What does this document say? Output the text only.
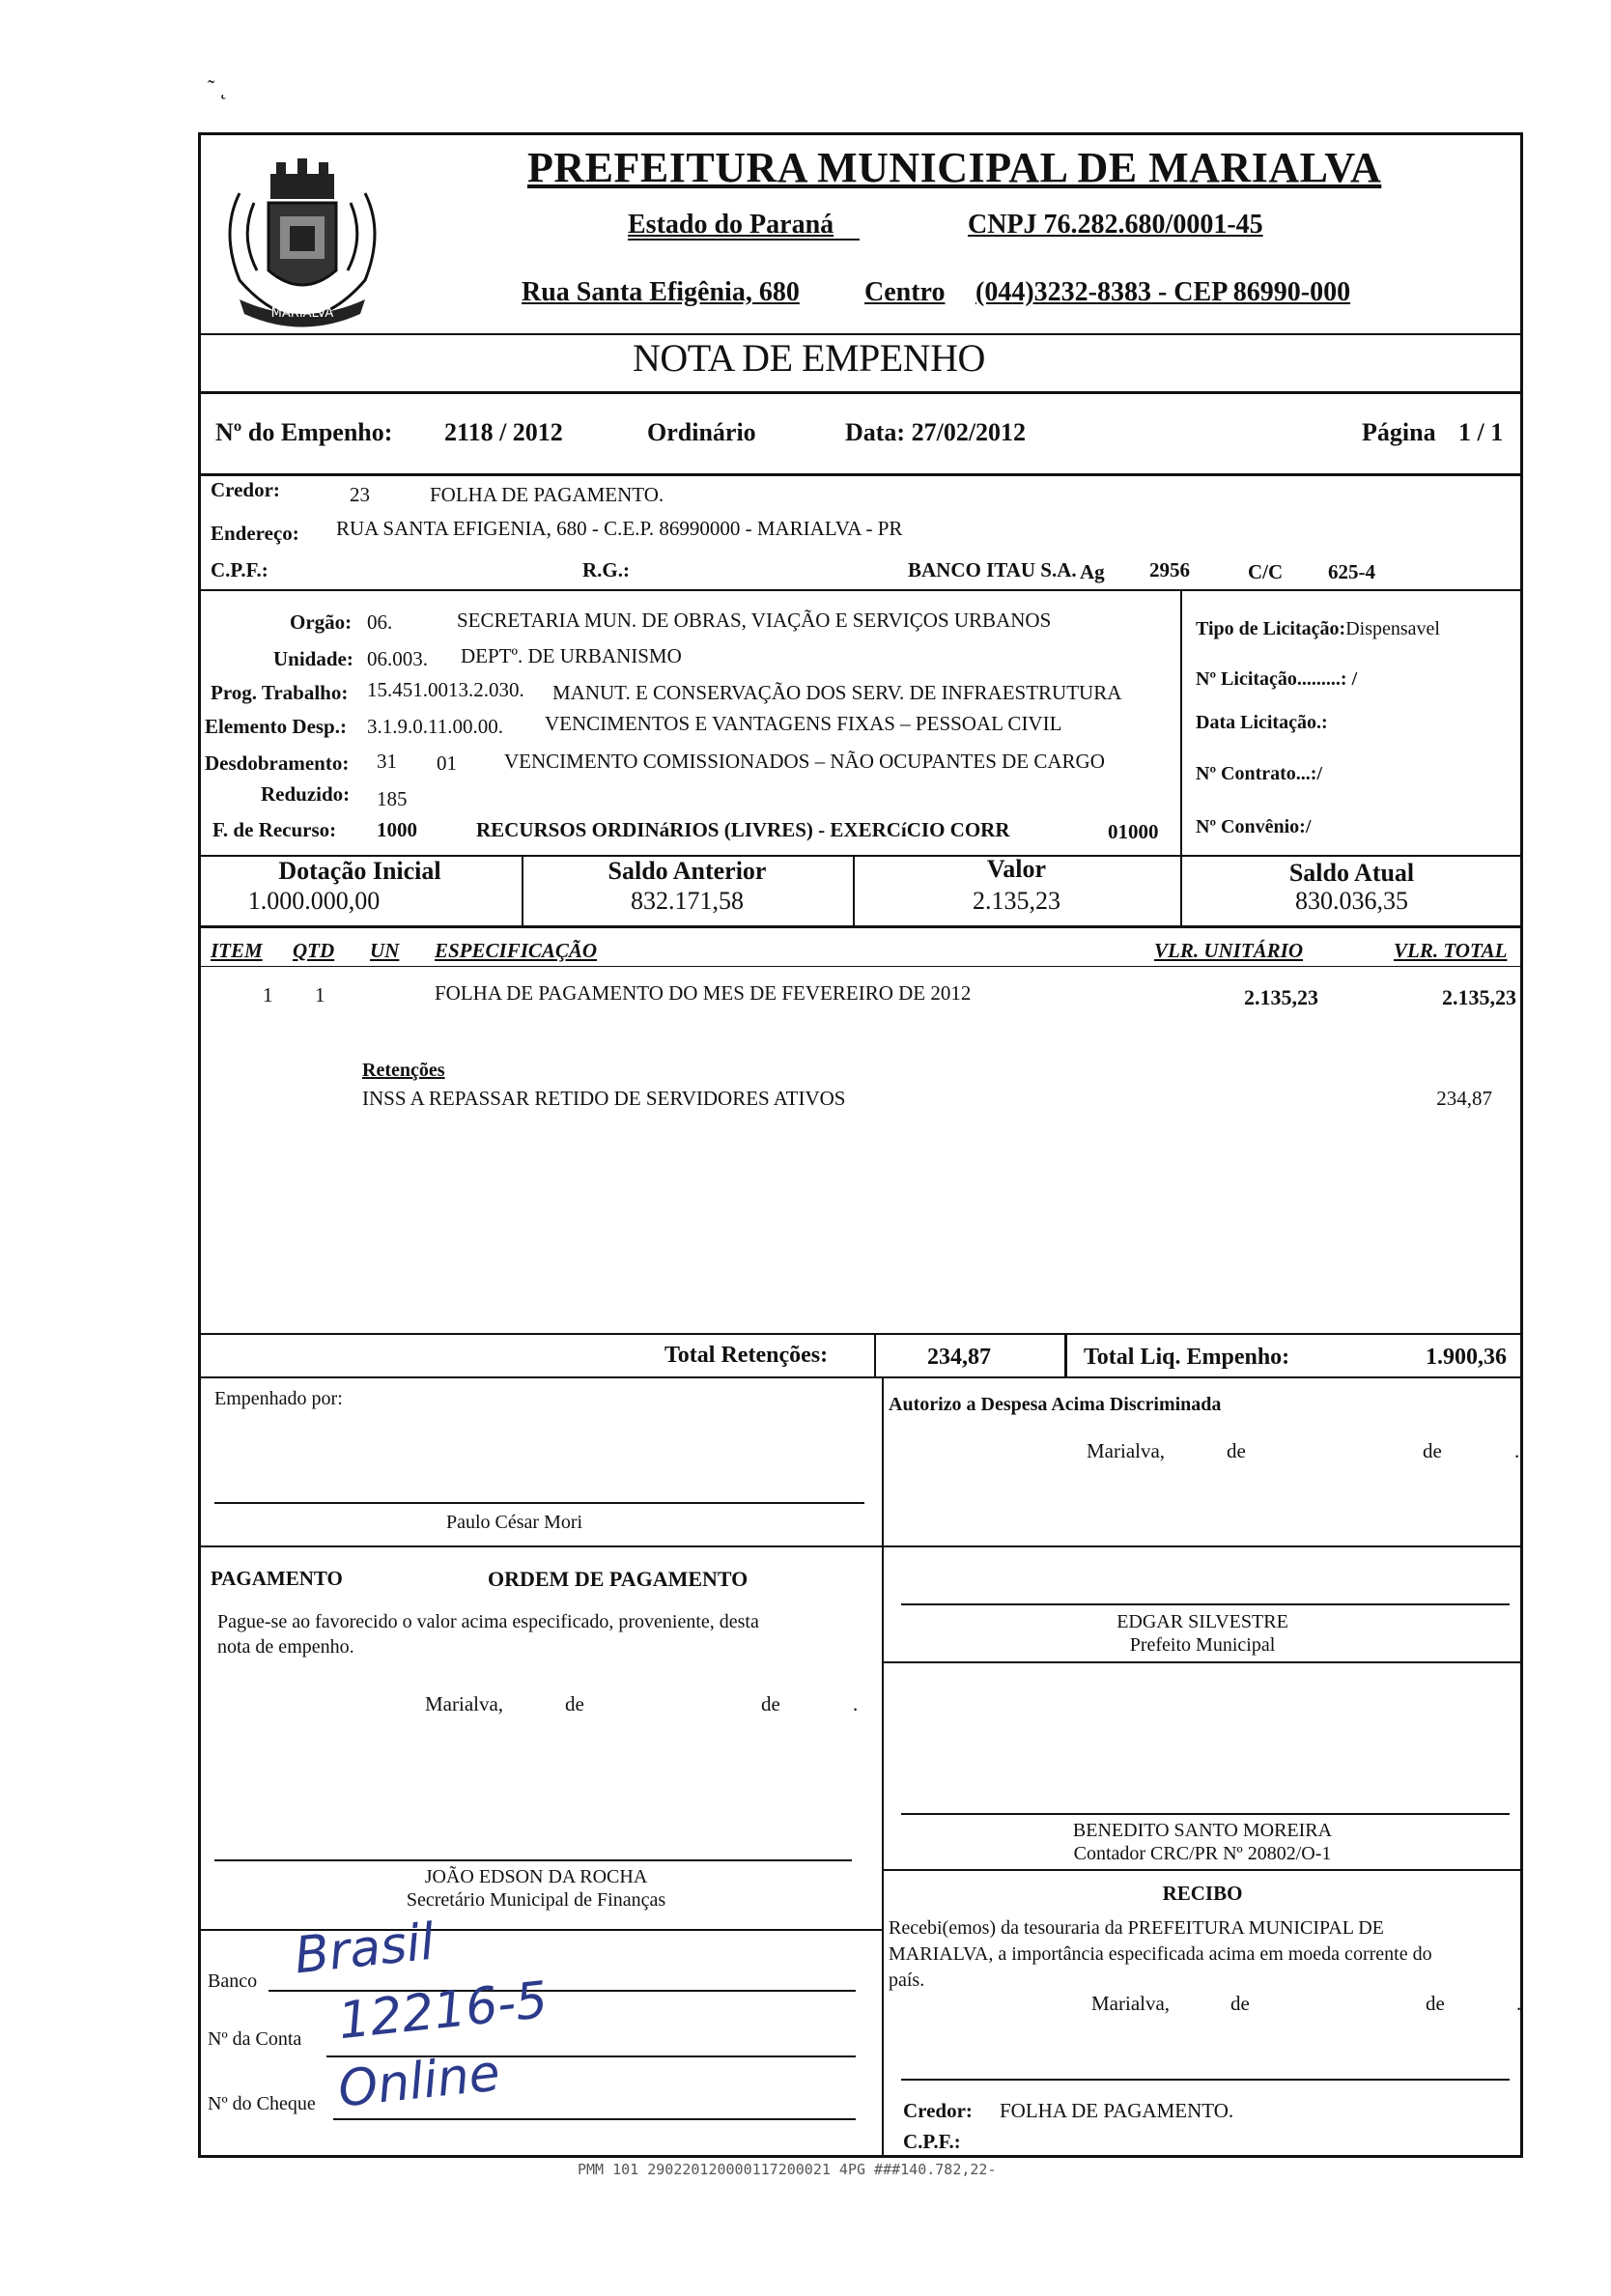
˜ ˛
MARIALVA
PREFEITURA MUNICIPAL DE MARIALVA
Estado do Paraná	CNPJ 76.282.680/0001-45
Rua Santa Efigênia, 680 Centro (044)3232-8383 - CEP 86990-000
NOTA DE EMPENHO
Nº do Empenho: 2118 / 2012	Ordinário	Data: 27/02/2012	Página 1 / 1
Credor:	23	FOLHA DE PAGAMENTO.
Endereço: RUA SANTA EFIGENIA, 680 - C.E.P. 86990000 - MARIALVA - PR
C.P.F.:	R.G.:	BANCO ITAU S.A. Ag 2956	C/C 625-4
Orgão: 06.	SECRETARIA MUN. DE OBRAS, VIAÇÃO E SERVIÇOS URBANOS
Unidade: 06.003. DEPTº. DE URBANISMO
Prog. Trabalho: 15.451.0013.2.030. MANUT. E CONSERVAÇÃO DOS SERV. DE INFRAESTRUTURA
Elemento Desp.: 3.1.9.0.11.00.00. VENCIMENTOS E VANTAGENS FIXAS – PESSOAL CIVIL
Desdobramento: 31 01 VENCIMENTO COMISSIONADOS – NÃO OCUPANTES DE CARGO
Reduzido: 185
F. de Recurso: 1000	RECURSOS ORDINáRIOS (LIVRES) - EXERCíCIO CORR	01000
Tipo de Licitação:Dispensavel
Nº Licitação.........: /
Data Licitação.:
Nº Contrato...:/
Nº Convênio:/
Dotação Inicial
1.000.000,00
Saldo Anterior
832.171,58
Valor
2.135,23
Saldo Atual
830.036,35
ITEM QTD UN ESPECIFICAÇÃO	VLR. UNITÁRIO	VLR. TOTAL
1 1	FOLHA DE PAGAMENTO DO MES DE FEVEREIRO DE 2012	2.135,23	2.135,23
Retenções
INSS A REPASSAR RETIDO DE SERVIDORES ATIVOS	234,87
Total Retenções:	234,87	Total Liq. Empenho:	1.900,36
Empenhado por:
Paulo César Mori
Autorizo a Despesa Acima Discriminada
Marialva,	de	de	.
PAGAMENTO	ORDEM DE PAGAMENTO
Pague-se ao favorecido o valor acima especificado, proveniente, desta
nota de empenho.
Marialva,	de	de	.
EDGAR SILVESTRE
Prefeito Municipal
BENEDITO SANTO MOREIRA
Contador CRC/PR Nº 20802/O-1
RECIBO
Recebi(emos) da tesouraria da PREFEITURA MUNICIPAL DE
MARIALVA, a importância especificada acima em moeda corrente do
país.
Marialva,	de	de	.
Credor: FOLHA DE PAGAMENTO.
C.P.F.:
JOÃO EDSON DA ROCHA
Secretário Municipal de Finanças
Banco Brasil
Nº da Conta 12216-5
Nº do Cheque Online
PMM 101 290220120000117200021 4PG ###140.782,22-
